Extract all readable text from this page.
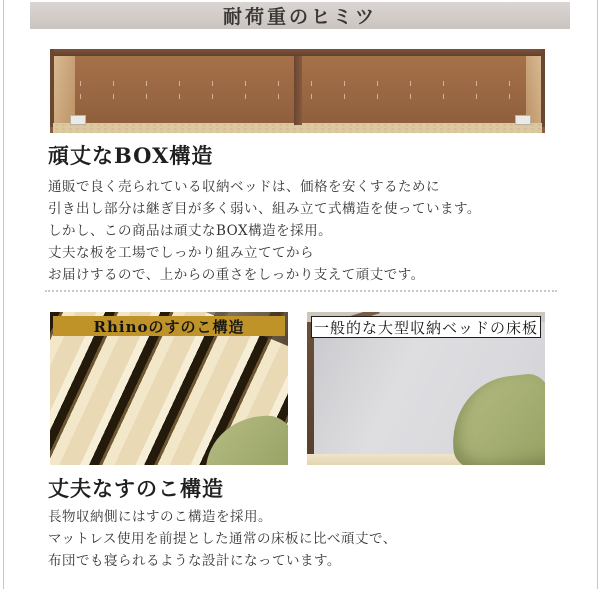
耐荷重のヒミツ
頑丈なBOX構造
通販で良く売られている収納ベッドは、価格を安くするために
引き出し部分は継ぎ目が多く弱い、組み立て式構造を使っています。
しかし、この商品は頑丈なBOX構造を採用。
丈夫な板を工場でしっかり組み立ててから
お届けするので、上からの重さをしっかり支えて頑丈です。
Rhinoのすのこ構造	一般的な大型収納ベッドの床板
丈夫なすのこ構造
長物収納側にはすのこ構造を採用。
マットレス使用を前提とした通常の床板に比べ頑丈で、
布団でも寝られるような設計になっています。
